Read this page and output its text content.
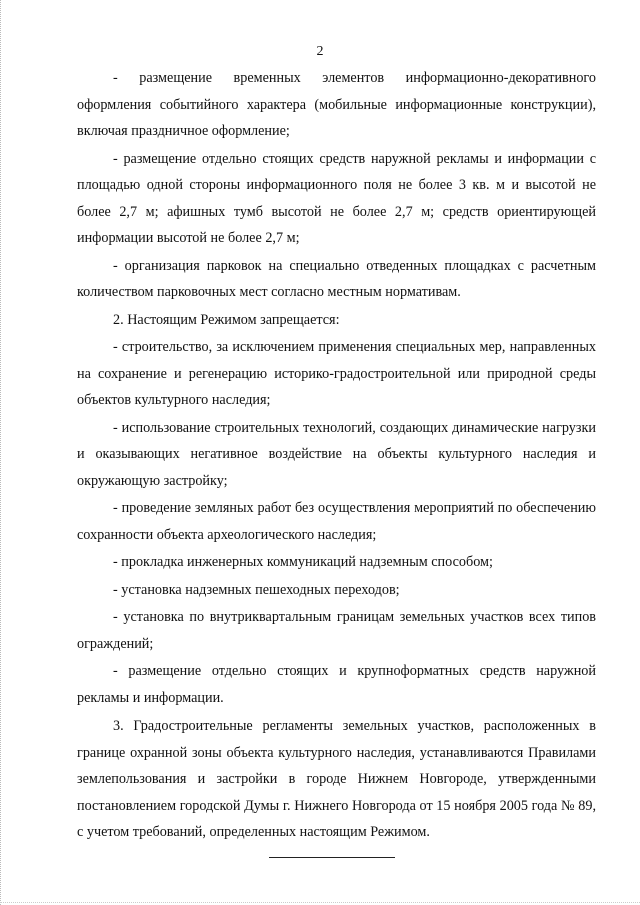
2

- размещение временных элементов информационно-декоративного оформления событийного характера (мобильные информационные конструкции), включая праздничное оформление;

- размещение отдельно стоящих средств наружной рекламы и информации с площадью одной стороны информационного поля не более 3 кв. м и высотой не более 2,7 м; афишных тумб высотой не более 2,7 м; средств ориентирующей информации высотой не более 2,7 м;

- организация парковок на специально отведенных площадках с расчетным количеством парковочных мест согласно местным нормативам.

2. Настоящим Режимом запрещается:

- строительство, за исключением применения специальных мер, направленных на сохранение и регенерацию историко-градостроительной или природной среды объектов культурного наследия;

- использование строительных технологий, создающих динамические нагрузки и оказывающих негативное воздействие на объекты культурного наследия и окружающую застройку;

- проведение земляных работ без осуществления мероприятий по обеспечению сохранности объекта археологического наследия;

- прокладка инженерных коммуникаций надземным способом;

- установка надземных пешеходных переходов;

- установка по внутриквартальным границам земельных участков всех типов ограждений;

- размещение отдельно стоящих и крупноформатных средств наружной рекламы и информации.

3. Градостроительные регламенты земельных участков, расположенных в границе охранной зоны объекта культурного наследия, устанавливаются Правилами землепользования и застройки в городе Нижнем Новгороде, утвержденными постановлением городской Думы г. Нижнего Новгорода от 15 ноября 2005 года № 89, с учетом требований, определенных настоящим Режимом.
